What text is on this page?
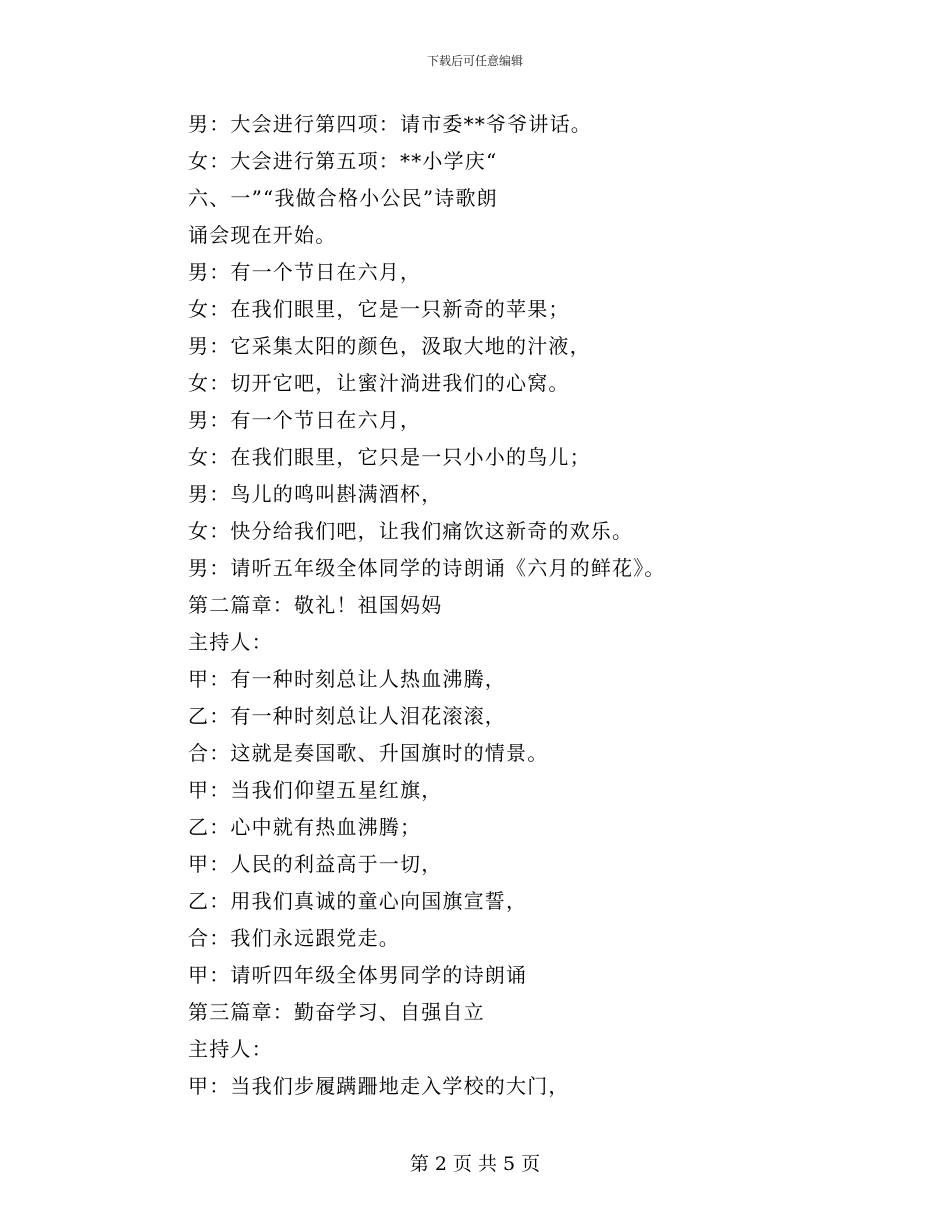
下载后可任意编辑
男：大会进行第四项：请市委**爷爷讲话。
女：大会进行第五项：**小学庆“
六、一”“我做合格小公民”诗歌朗
诵会现在开始。
男：有一个节日在六月，
女：在我们眼里，它是一只新奇的苹果；
男：它采集太阳的颜色，汲取大地的汁液，
女：切开它吧，让蜜汁淌进我们的心窝。
男：有一个节日在六月，
女：在我们眼里，它只是一只小小的鸟儿；
男：鸟儿的鸣叫斟满酒杯，
女：快分给我们吧，让我们痛饮这新奇的欢乐。
男：请听五年级全体同学的诗朗诵《六月的鲜花》。
第二篇章：敬礼！祖国妈妈
主持人：
甲：有一种时刻总让人热血沸腾，
乙：有一种时刻总让人泪花滚滚，
合：这就是奏国歌、升国旗时的情景。
甲：当我们仰望五星红旗，
乙：心中就有热血沸腾；
甲：人民的利益高于一切，
乙：用我们真诚的童心向国旗宣誓，
合：我们永远跟党走。
甲：请听四年级全体男同学的诗朗诵
第三篇章：勤奋学习、自强自立
主持人：
甲：当我们步履蹒跚地走入学校的大门，
第 2 页 共 5 页
